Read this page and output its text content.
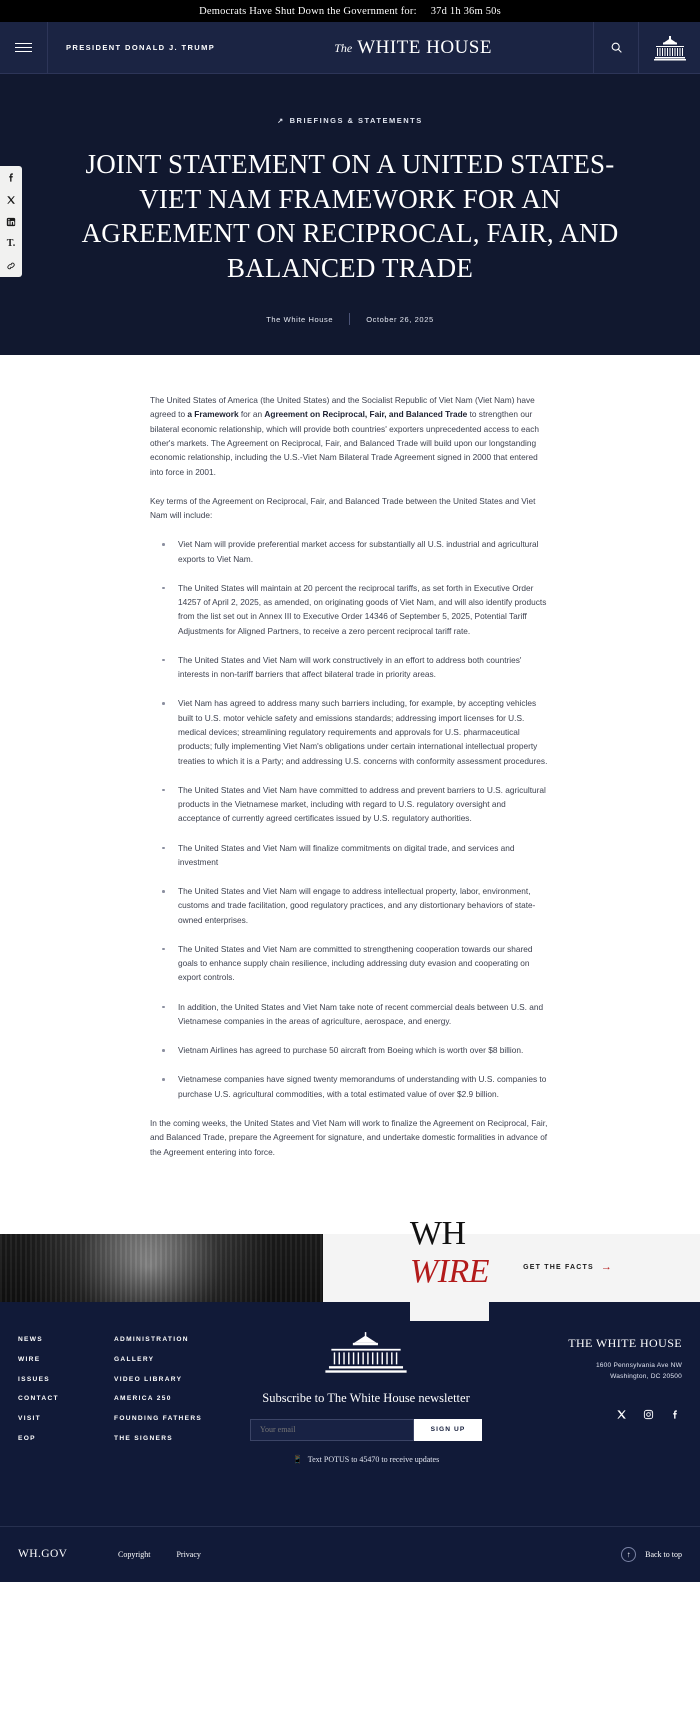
Democrats Have Shut Down the Government for: 37d 1h 36m 50s
PRESIDENT DONALD J. TRUMP	The WHITE HOUSE
T.
↗ BRIEFINGS & STATEMENTS
JOINT STATEMENT ON A UNITED STATES-VIET NAM FRAMEWORK FOR AN AGREEMENT ON RECIPROCAL, FAIR, AND BALANCED TRADE
The White House	October 26, 2025

The United States of America (the United States) and the Socialist Republic of Viet Nam (Viet Nam) have agreed to a Framework for an Agreement on Reciprocal, Fair, and Balanced Trade to strengthen our bilateral economic relationship, which will provide both countries' exporters unprecedented access to each other's markets. The Agreement on Reciprocal, Fair, and Balanced Trade will build upon our longstanding economic relationship, including the U.S.-Viet Nam Bilateral Trade Agreement signed in 2000 that entered into force in 2001.

Key terms of the Agreement on Reciprocal, Fair, and Balanced Trade between the United States and Viet Nam will include:

Viet Nam will provide preferential market access for substantially all U.S. industrial and agricultural exports to Viet Nam.
The United States will maintain at 20 percent the reciprocal tariffs, as set forth in Executive Order 14257 of April 2, 2025, as amended, on originating goods of Viet Nam, and will also identify products from the list set out in Annex III to Executive Order 14346 of September 5, 2025, Potential Tariff Adjustments for Aligned Partners, to receive a zero percent reciprocal tariff rate.
The United States and Viet Nam will work constructively in an effort to address both countries' interests in non-tariff barriers that affect bilateral trade in priority areas.
Viet Nam has agreed to address many such barriers including, for example, by accepting vehicles built to U.S. motor vehicle safety and emissions standards; addressing import licenses for U.S. medical devices; streamlining regulatory requirements and approvals for U.S. pharmaceutical products; fully implementing Viet Nam's obligations under certain international intellectual property treaties to which it is a Party; and addressing U.S. concerns with conformity assessment procedures.
The United States and Viet Nam have committed to address and prevent barriers to U.S. agricultural products in the Vietnamese market, including with regard to U.S. regulatory oversight and acceptance of currently agreed certificates issued by U.S. regulatory authorities.
The United States and Viet Nam will finalize commitments on digital trade, and services and investment
The United States and Viet Nam will engage to address intellectual property, labor, environment, customs and trade facilitation, good regulatory practices, and any distortionary behaviors of state-owned enterprises.
The United States and Viet Nam are committed to strengthening cooperation towards our shared goals to enhance supply chain resilience, including addressing duty evasion and cooperating on export controls.
In addition, the United States and Viet Nam take note of recent commercial deals between U.S. and Vietnamese companies in the areas of agriculture, aerospace, and energy.
Vietnam Airlines has agreed to purchase 50 aircraft from Boeing which is worth over $8 billion.
Vietnamese companies have signed twenty memorandums of understanding with U.S. companies to purchase U.S. agricultural commodities, with a total estimated value of over $2.9 billion.

In the coming weeks, the United States and Viet Nam will work to finalize the Agreement on Reciprocal, Fair, and Balanced Trade, prepare the Agreement for signature, and undertake domestic formalities in advance of the Agreement entering into force.

WH
WIRE	GET THE FACTS →
NEWS
WIRE
ISSUES
CONTACT
VISIT
EOP
ADMINISTRATION
GALLERY
VIDEO LIBRARY
AMERICA 250
FOUNDING FATHERS
THE SIGNERS
Subscribe to The White House newsletter
Your email
SIGN UP
📱 Text POTUS to 45470 to receive updates
THE WHITE HOUSE
1600 Pennsylvania Ave NW
Washington, DC 20500
WH.GOV	Copyright	Privacy	↑	Back to top
